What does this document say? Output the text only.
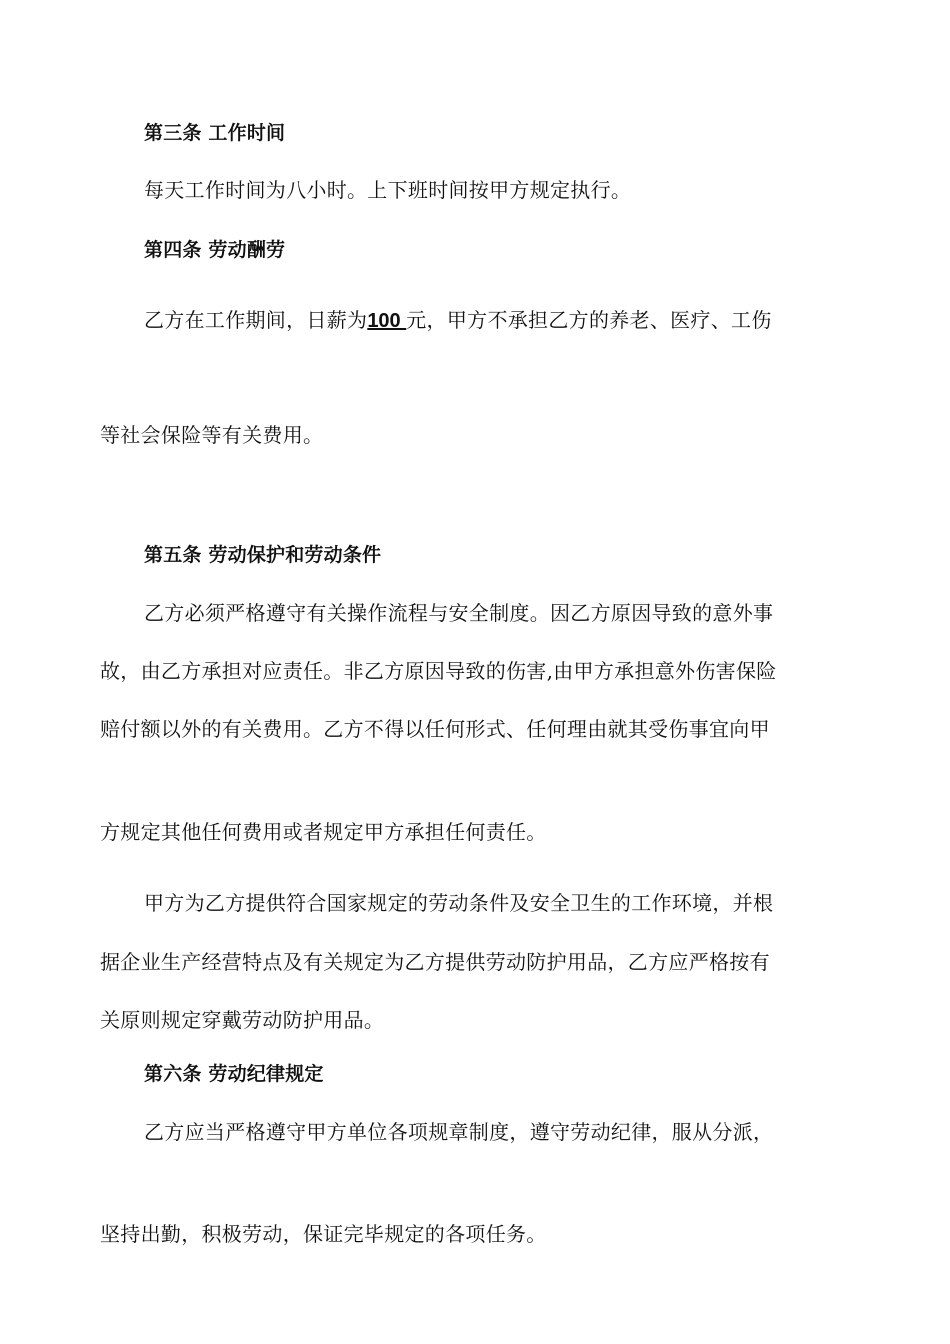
第三条 工作时间
每天工作时间为八小时。上下班时间按甲方规定执行。
第四条 劳动酬劳
乙方在工作期间，日薪为100 元，甲方不承担乙方的养老、医疗、工伤
等社会保险等有关费用。
第五条 劳动保护和劳动条件
乙方必须严格遵守有关操作流程与安全制度。因乙方原因导致的意外事
故，由乙方承担对应责任。非乙方原因导致的伤害,由甲方承担意外伤害保险
赔付额以外的有关费用。乙方不得以任何形式、任何理由就其受伤事宜向甲
方规定其他任何费用或者规定甲方承担任何责任。
甲方为乙方提供符合国家规定的劳动条件及安全卫生的工作环境，并根
据企业生产经营特点及有关规定为乙方提供劳动防护用品，乙方应严格按有
关原则规定穿戴劳动防护用品。
第六条 劳动纪律规定
乙方应当严格遵守甲方单位各项规章制度，遵守劳动纪律，服从分派，
坚持出勤，积极劳动，保证完毕规定的各项任务。
